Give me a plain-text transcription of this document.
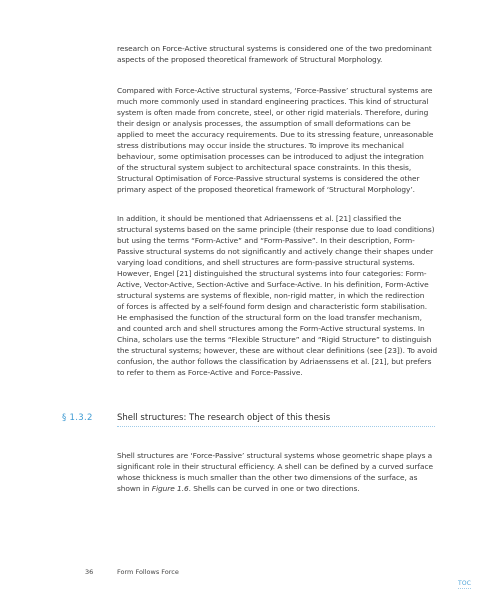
research on Force-Active structural systems is considered one of the two predominant
aspects of the proposed theoretical framework of Structural Morphology.

Compared with Force-Active structural systems, ‘Force-Passive’ structural systems are
much more commonly used in standard engineering practices. This kind of structural
system is often made from concrete, steel, or other rigid materials. Therefore, during
their design or analysis processes, the assumption of small deformations can be
applied to meet the accuracy requirements. Due to its stressing feature, unreasonable
stress distributions may occur inside the structures. To improve its mechanical
behaviour, some optimisation processes can be introduced to adjust the integration
of the structural system subject to architectural space constraints. In this thesis,
Structural Optimisation of Force-Passive structural systems is considered the other
primary aspect of the proposed theoretical framework of ‘Structural Morphology’.

In addition, it should be mentioned that Adriaenssens et al. [21] classified the
structural systems based on the same principle (their response due to load conditions)
but using the terms “Form-Active” and “Form-Passive”. In their description, Form-
Passive structural systems do not significantly and actively change their shapes under
varying load conditions, and shell structures are form-passive structural systems.
However, Engel [21] distinguished the structural systems into four categories: Form-
Active, Vector-Active, Section-Active and Surface-Active. In his definition, Form-Active
structural systems are systems of flexible, non-rigid matter, in which the redirection
of forces is affected by a self-found form design and characteristic form stabilisation.
He emphasised the function of the structural form on the load transfer mechanism,
and counted arch and shell structures among the Form-Active structural systems. In
China, scholars use the terms “Flexible Structure” and “Rigid Structure” to distinguish
the structural systems; however, these are without clear definitions (see [23]). To avoid
confusion, the author follows the classification by Adriaenssens et al. [21], but prefers
to refer to them as Force-Active and Force-Passive.

§ 1.3.2	Shell structures: The research object of this thesis

Shell structures are ‘Force-Passive’ structural systems whose geometric shape plays a
significant role in their structural efficiency. A shell can be defined by a curved surface
whose thickness is much smaller than the other two dimensions of the surface, as
shown in Figure 1.6. Shells can be curved in one or two directions.

36	Form Follows Force
TOC
